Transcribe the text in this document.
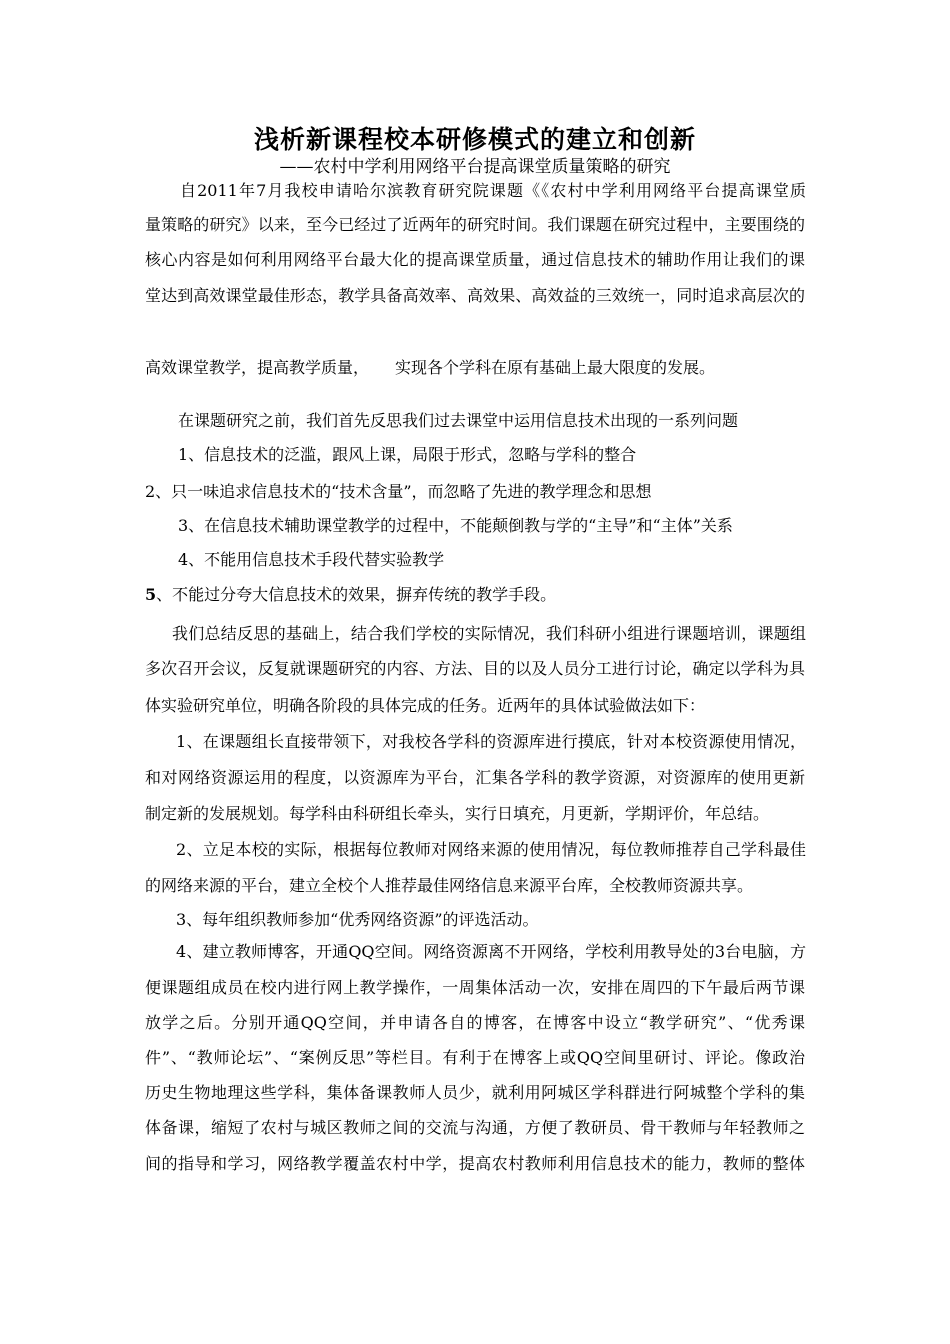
浅析新课程校本研修模式的建立和创新
——农村中学利用网络平台提高课堂质量策略的研究
自2011年7月我校申请哈尔滨教育研究院课题《《农村中学利用网络平台提高课堂质
量策略的研究》以来，至今已经过了近两年的研究时间。我们课题在研究过程中，主要围绕的
核心内容是如何利用网络平台最大化的提高课堂质量，通过信息技术的辅助作用让我们的课
堂达到高效课堂最佳形态，教学具备高效率、高效果、高效益的三效统一，同时追求高层次的
高效课堂教学，提高教学质量， 实现各个学科在原有基础上最大限度的发展。
在课题研究之前，我们首先反思我们过去课堂中运用信息技术出现的一系列问题
1、信息技术的泛滥，跟风上课，局限于形式，忽略与学科的整合
2、只一味追求信息技术的“技术含量”，而忽略了先进的教学理念和思想
3、在信息技术辅助课堂教学的过程中，不能颠倒教与学的“主导”和“主体”关系
4、不能用信息技术手段代替实验教学
5、不能过分夸大信息技术的效果，摒弃传统的教学手段。
我们总结反思的基础上，结合我们学校的实际情况，我们科研小组进行课题培训，课题组
多次召开会议，反复就课题研究的内容、方法、目的以及人员分工进行讨论，确定以学科为具
体实验研究单位，明确各阶段的具体完成的任务。近两年的具体试验做法如下：
1、在课题组长直接带领下，对我校各学科的资源库进行摸底，针对本校资源使用情况，
和对网络资源运用的程度，以资源库为平台，汇集各学科的教学资源，对资源库的使用更新
制定新的发展规划。每学科由科研组长牵头，实行日填充，月更新，学期评价，年总结。
2、立足本校的实际，根据每位教师对网络来源的使用情况，每位教师推荐自己学科最佳
的网络来源的平台，建立全校个人推荐最佳网络信息来源平台库，全校教师资源共享。
3、每年组织教师参加“优秀网络资源”的评选活动。
4、建立教师博客，开通QQ空间。网络资源离不开网络，学校利用教导处的3台电脑，方
便课题组成员在校内进行网上教学操作，一周集体活动一次，安排在周四的下午最后两节课
放学之后。分别开通QQ空间，并申请各自的博客，在博客中设立“教学研究”、“优秀课
件”、“教师论坛”、“案例反思”等栏目。有利于在博客上或QQ空间里研讨、评论。像政治
历史生物地理这些学科，集体备课教师人员少，就利用阿城区学科群进行阿城整个学科的集
体备课，缩短了农村与城区教师之间的交流与沟通，方便了教研员、骨干教师与年轻教师之
间的指导和学习，网络教学覆盖农村中学，提高农村教师利用信息技术的能力，教师的整体
